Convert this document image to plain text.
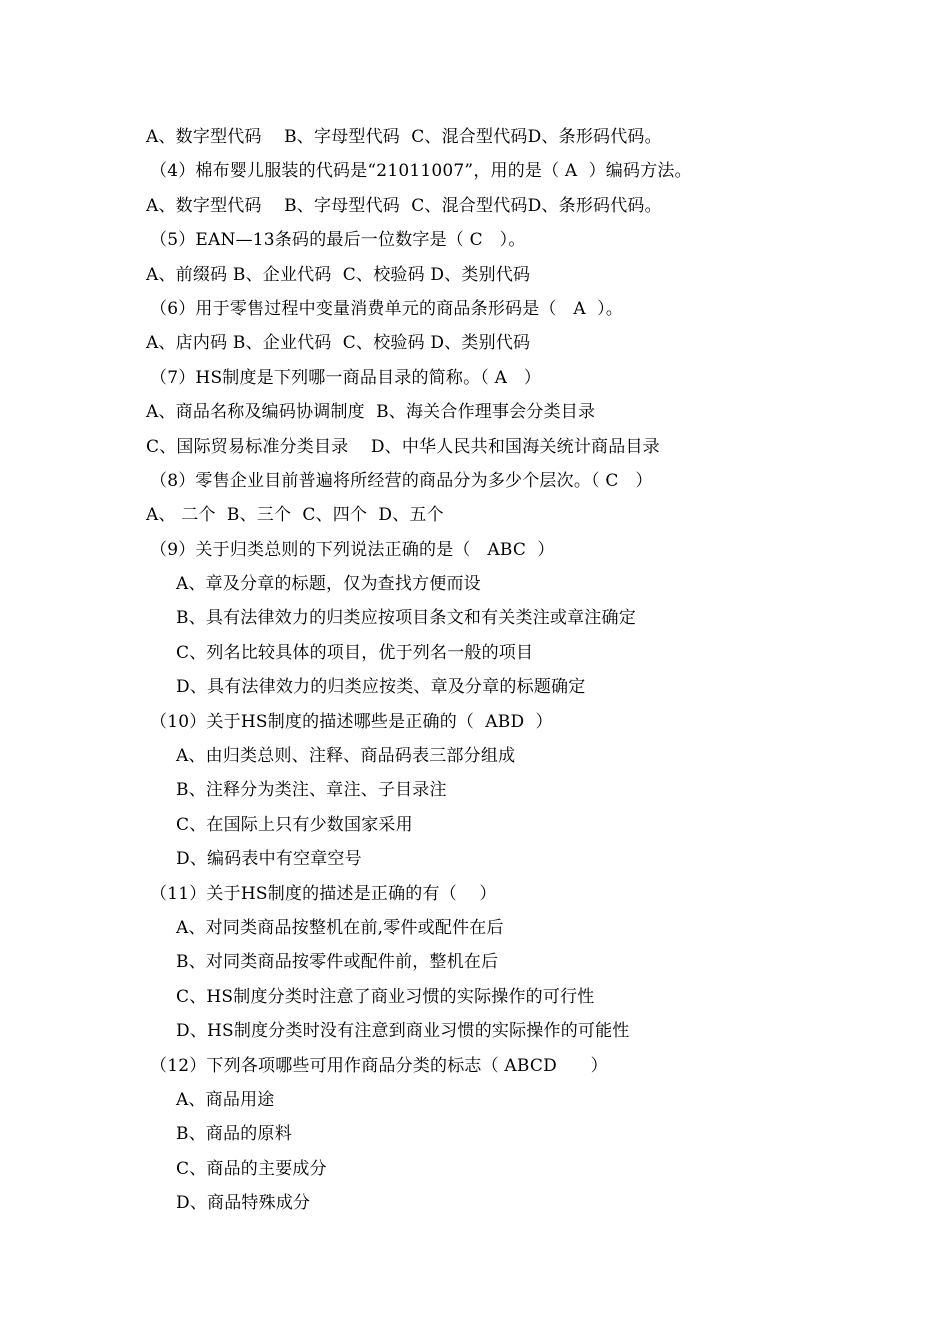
A、数字型代码    B、字母型代码  C、混合型代码D、条形码代码。
（4）棉布婴儿服装的代码是“21011007”，用的是（ A  ）编码方法。
A、数字型代码    B、字母型代码  C、混合型代码D、条形码代码。
（5）EAN—13条码的最后一位数字是（ C   ）。
A、前缀码 B、企业代码  C、校验码 D、类别代码
（6）用于零售过程中变量消费单元的商品条形码是（   A  ）。
A、店内码 B、企业代码  C、校验码 D、类别代码
（7）HS制度是下列哪一商品目录的简称。（ A   ）
A、商品名称及编码协调制度  B、海关合作理事会分类目录
C、国际贸易标准分类目录    D、中华人民共和国海关统计商品目录
（8）零售企业目前普遍将所经营的商品分为多少个层次。（ C   ）
A、 二个  B、三个  C、四个  D、五个
（9）关于归类总则的下列说法正确的是（   ABC  ）
A、章及分章的标题，仅为查找方便而设
B、具有法律效力的归类应按项目条文和有关类注或章注确定
C、列名比较具体的项目，优于列名一般的项目
D、具有法律效力的归类应按类、章及分章的标题确定
（10）关于HS制度的描述哪些是正确的（  ABD  ）
A、由归类总则、注释、商品码表三部分组成
B、注释分为类注、章注、子目录注
C、在国际上只有少数国家采用
D、编码表中有空章空号
（11）关于HS制度的描述是正确的有（    ）
A、对同类商品按整机在前,零件或配件在后
B、对同类商品按零件或配件前，整机在后
C、HS制度分类时注意了商业习惯的实际操作的可行性
D、HS制度分类时没有注意到商业习惯的实际操作的可能性
（12）下列各项哪些可用作商品分类的标志（ ABCD      ）
A、商品用途
B、商品的原料
C、商品的主要成分
D、商品特殊成分
